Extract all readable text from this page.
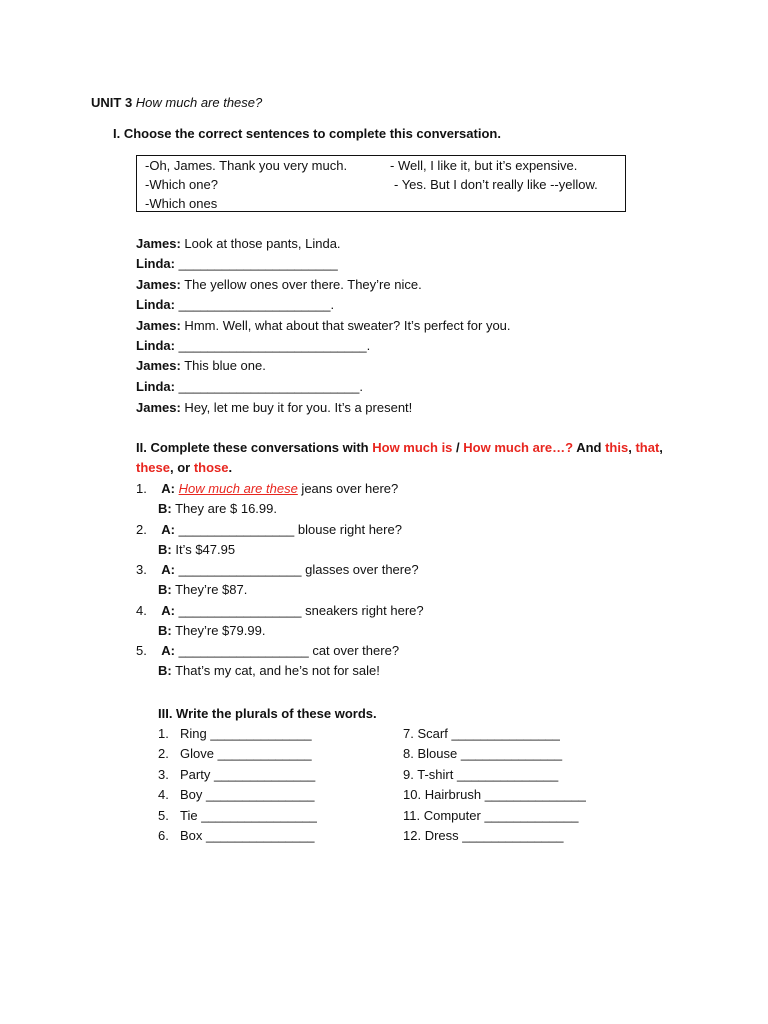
UNIT 3 How much are these?
I. Choose the correct sentences to complete this conversation.
-Oh, James. Thank you very much.
-Which one?
-Which ones
- Well, I like it, but it’s expensive.
- Yes. But I don’t really like --yellow.
James: Look at those pants, Linda.
Linda: ______________________
James: The yellow ones over there. They’re nice.
Linda: _____________________.
James: Hmm. Well, what about that sweater? It’s perfect for you.
Linda: __________________________.
James: This blue one.
Linda: _________________________.
James: Hey, let me buy it for you. It’s a present!
II. Complete these conversations with How much is / How much are…? And this, that,
these, or those.
1. A: How much are these jeans over here?
B: They are $ 16.99.
2. A: ________________ blouse right here?
B: It’s $47.95
3. A: _________________ glasses over there?
B: They’re $87.
4. A: _________________ sneakers right here?
B: They’re $79.99.
5. A: __________________ cat over there?
B: That’s my cat, and he’s not for sale!
III. Write the plurals of these words.
1. Ring ______________
2. Glove _____________
3. Party ______________
4. Boy _______________
5. Tie ________________
6. Box _______________
7. Scarf _______________
8. Blouse ______________
9. T-shirt ______________
10. Hairbrush ______________
11. Computer _____________
12. Dress ______________
